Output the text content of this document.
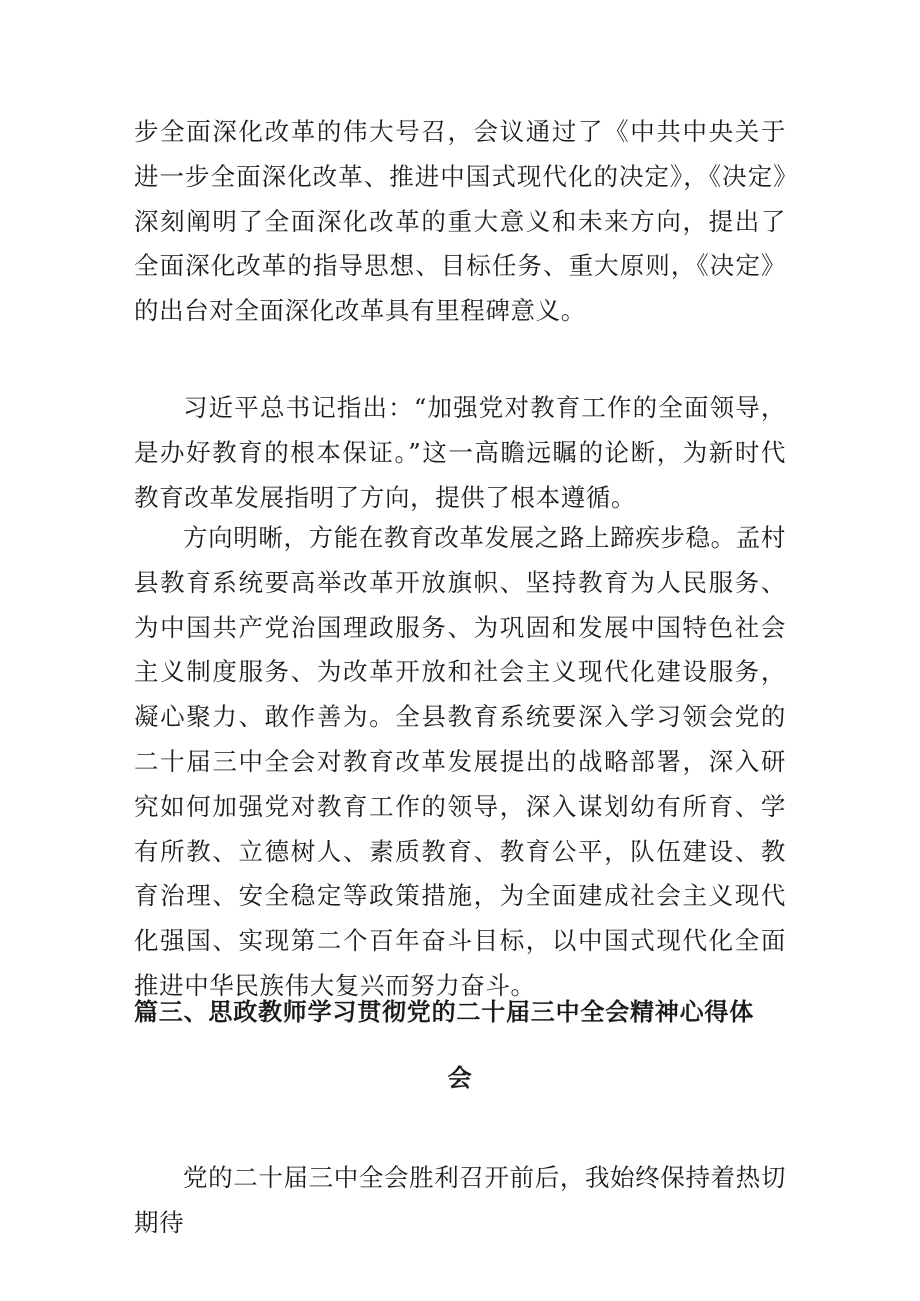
步全面深化改革的伟大号召，会议通过了《中共中央关于进一步全面深化改革、推进中国式现代化的决定》，《决定》深刻阐明了全面深化改革的重大意义和未来方向，提出了全面深化改革的指导思想、目标任务、重大原则，《决定》的出台对全面深化改革具有里程碑意义。

习近平总书记指出：“加强党对教育工作的全面领导，是办好教育的根本保证。”这一高瞻远瞩的论断，为新时代教育改革发展指明了方向，提供了根本遵循。

方向明晰，方能在教育改革发展之路上蹄疾步稳。孟村县教育系统要高举改革开放旗帜、坚持教育为人民服务、为中国共产党治国理政服务、为巩固和发展中国特色社会主义制度服务、为改革开放和社会主义现代化建设服务，凝心聚力、敢作善为。全县教育系统要深入学习领会党的二十届三中全会对教育改革发展提出的战略部署，深入研究如何加强党对教育工作的领导，深入谋划幼有所育、学有所教、立德树人、素质教育、教育公平，队伍建设、教育治理、安全稳定等政策措施，为全面建成社会主义现代化强国、实现第二个百年奋斗目标，以中国式现代化全面推进中华民族伟大复兴而努力奋斗。

篇三、思政教师学习贯彻党的二十届三中全会精神心得体
会

党的二十届三中全会胜利召开前后，我始终保持着热切期待
